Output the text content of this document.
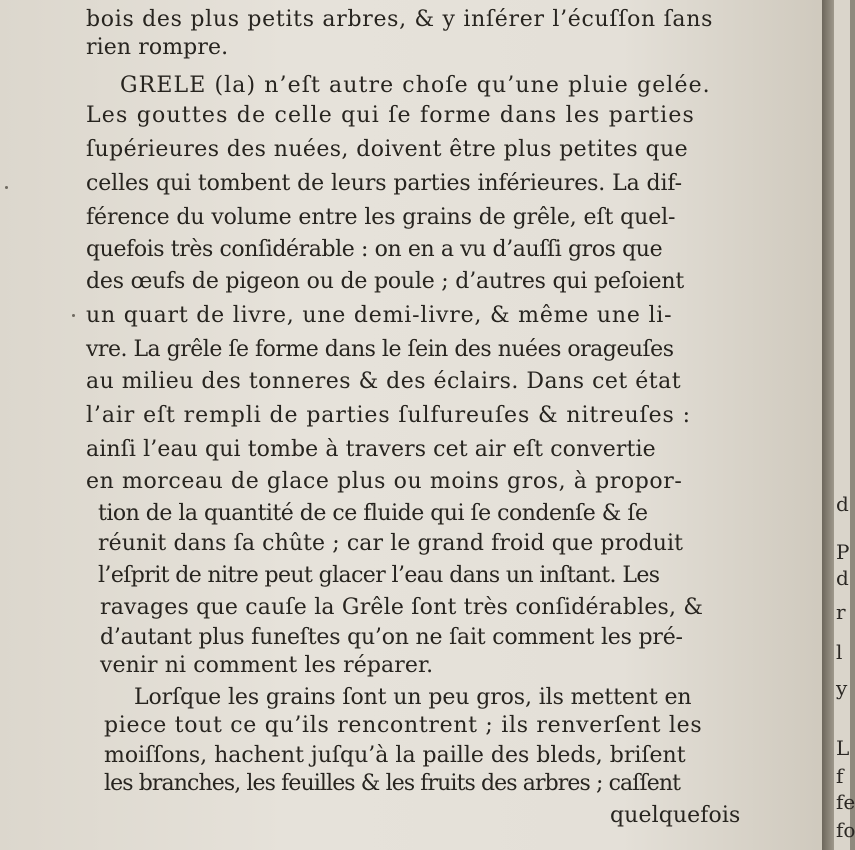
d
P
d
r
l
y
L
f
fe
fo
bois des plus petits arbres, & y inſérer l’écuſſon ſans
rien rompre.
GRELE (la) n’eſt autre choſe qu’une pluie gelée.
Les gouttes de celle qui ſe forme dans les parties
ſupérieures des nuées, doivent être plus petites que
celles qui tombent de leurs parties inférieures. La dif-
férence du volume entre les grains de grêle, eſt quel-
quefois très conſidérable : on en a vu d’auſſi gros que
des œufs de pigeon ou de poule ; d’autres qui peſoient
un quart de livre, une demi-livre, & même une li-
vre. La grêle ſe forme dans le ſein des nuées orageuſes
au milieu des tonneres & des éclairs. Dans cet état
l’air eſt rempli de parties ſulfureuſes & nitreuſes :
ainſi l’eau qui tombe à travers cet air eſt convertie
en morceau de glace plus ou moins gros, à propor-
tion de la quantité de ce fluide qui ſe condenſe & ſe
réunit dans ſa chûte ; car le grand froid que produit
l’eſprit de nitre peut glacer l’eau dans un inſtant. Les
ravages que cauſe la Grêle ſont très conſidérables, &
d’autant plus funeſtes qu’on ne ſait comment les pré-
venir ni comment les réparer.
Lorſque les grains ſont un peu gros, ils mettent en
piece tout ce qu’ils rencontrent ; ils renverſent les
moiſſons, hachent juſqu’à la paille des bleds, briſent
les branches, les feuilles & les fruits des arbres ; caſſent
quelquefois
